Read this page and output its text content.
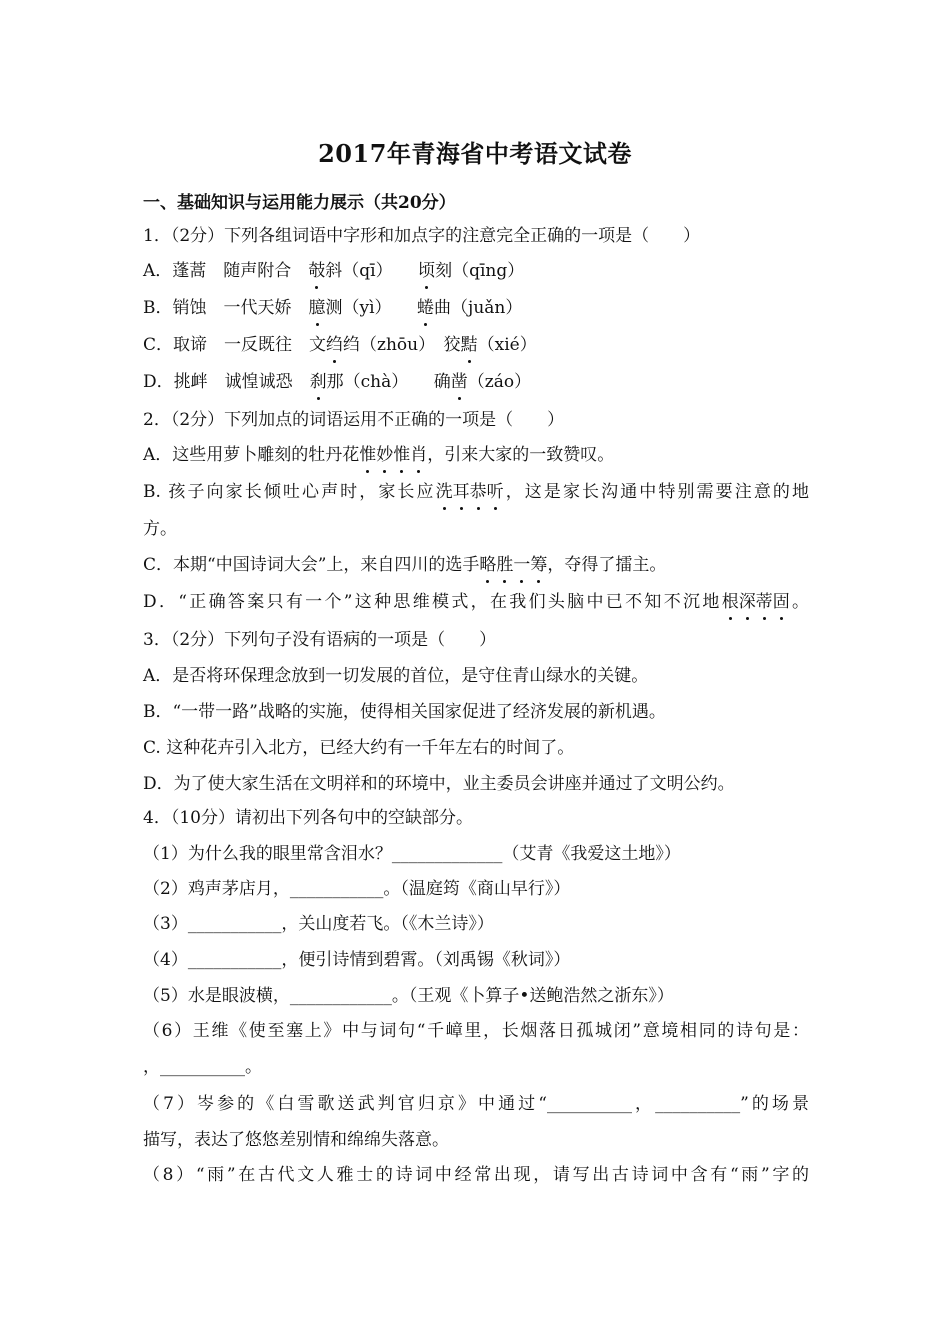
2017年青海省中考语文试卷
一、基础知识与运用能力展示（共20分）
1．（2分）下列各组词语中字形和加点字的注意完全正确的一项是（　　）
A．蓬蒿　随声附合　攲斜（qī）　　顷刻（qīng）
B．销蚀　一代天娇　臆测（yì）　　蜷曲（juǎn）
C．取谛　一反既往　文绉绉（zhōu）　狡黠（xié）
D．挑衅　诚惶诚恐　刹那（chà）　　确凿（záo）
2．（2分）下列加点的词语运用不正确的一项是（　　）
A．这些用萝卜雕刻的牡丹花惟妙惟肖，引来大家的一致赞叹。
B. 孩子向家长倾吐心声时，家长应洗耳恭听，这是家长沟通中特别需要注意的地
方。
C．本期“中国诗词大会”上，来自四川的选手略胜一筹，夺得了擂主。
D．“正确答案只有一个”这种思维模式，在我们头脑中已不知不沉地根深蒂固。
3．（2分）下列句子没有语病的一项是（　　）
A．是否将环保理念放到一切发展的首位，是守住青山绿水的关键。
B．“一带一路”战略的实施，使得相关国家促进了经济发展的新机遇。
C. 这种花卉引入北方，已经大约有一千年左右的时间了。
D．为了使大家生活在文明祥和的环境中，业主委员会讲座并通过了文明公约。
4．（10分）请初出下列各句中的空缺部分。
（1）为什么我的眼里常含泪水？_____________（艾青《我爱这土地》）
（2）鸡声茅店月，___________。（温庭筠《商山早行》）
（3）___________，关山度若飞。（《木兰诗》）
（4）___________，便引诗情到碧霄。（刘禹锡《秋词》）
（5）水是眼波横，____________。（王观《卜算子•送鲍浩然之浙东》）
（6）王维《使至塞上》中与词句“千嶂里，长烟落日孤城闭”意境相同的诗句是：
，__________。
（7）岑参的《白雪歌送武判官归京》中通过“__________，__________”的场景
描写，表达了悠悠差别情和绵绵失落意。
（8）“雨”在古代文人雅士的诗词中经常出现，请写出古诗词中含有“雨”字的
